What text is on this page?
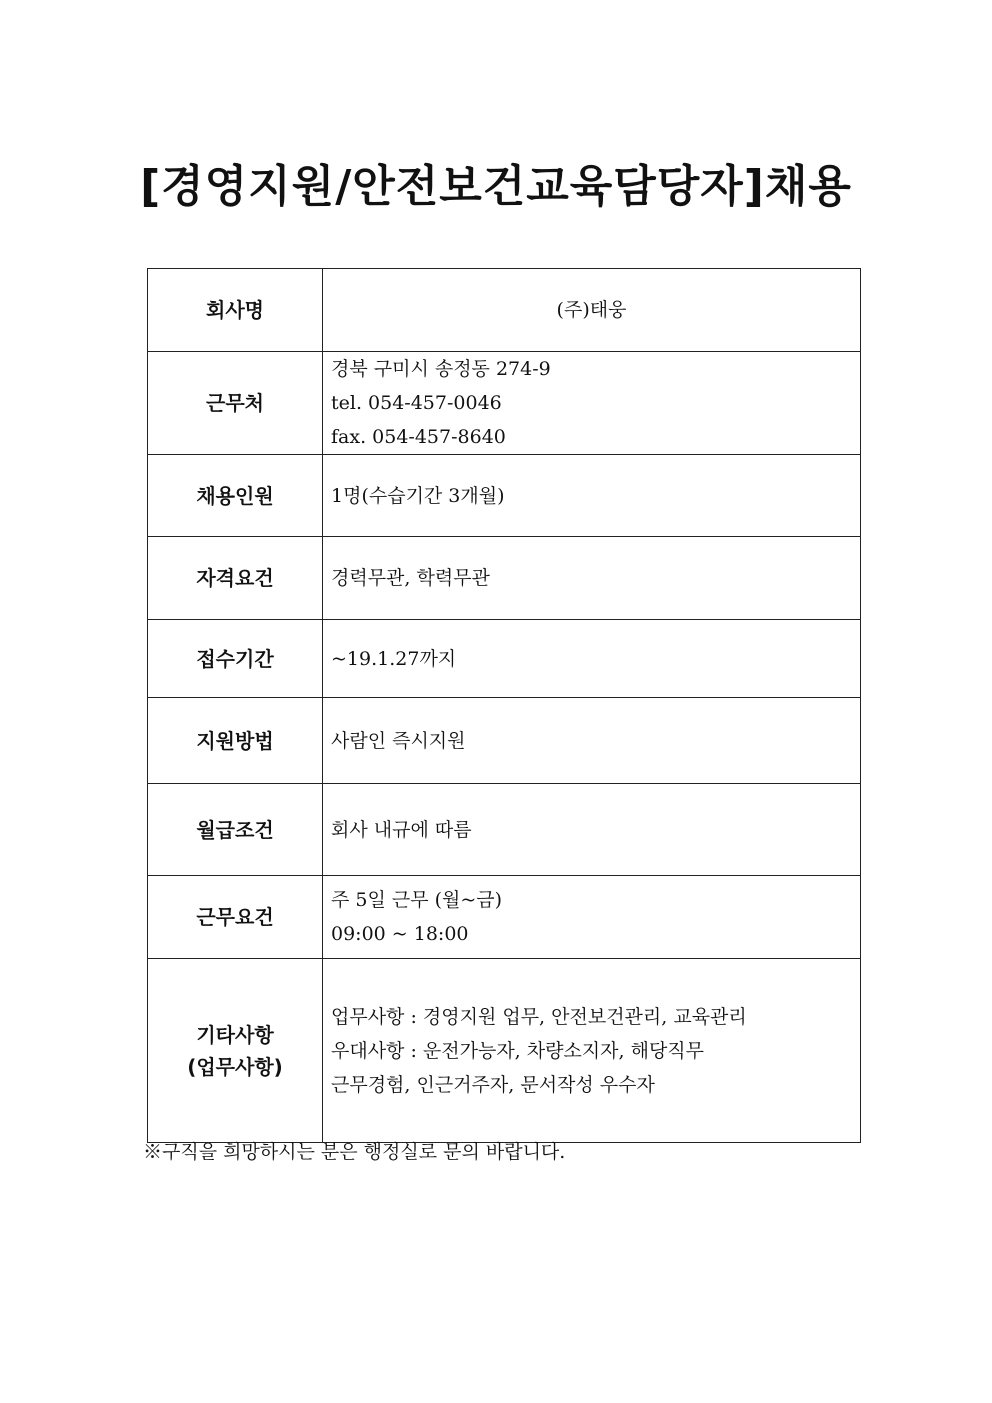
[경영지원/안전보건교육담당자]채용
회사명	(주)태웅

근무처	경북 구미시 송정동 274-9
tel. 054-457-0046
fax. 054-457-8640

채용인원	1명(수습기간 3개월)

자격요건	경력무관, 학력무관

접수기간	~19.1.27까지

지원방법	사람인 즉시지원

월급조건	회사 내규에 따름

근무요건	주 5일 근무 (월~금)
09:00 ~ 18:00

기타사항
(업무사항)	업무사항 : 경영지원 업무, 안전보건관리, 교육관리
우대사항 : 운전가능자, 차량소지자, 해당직무
근무경험, 인근거주자, 문서작성 우수자
※구직을 희망하시는 분은 행정실로 문의 바랍니다.
